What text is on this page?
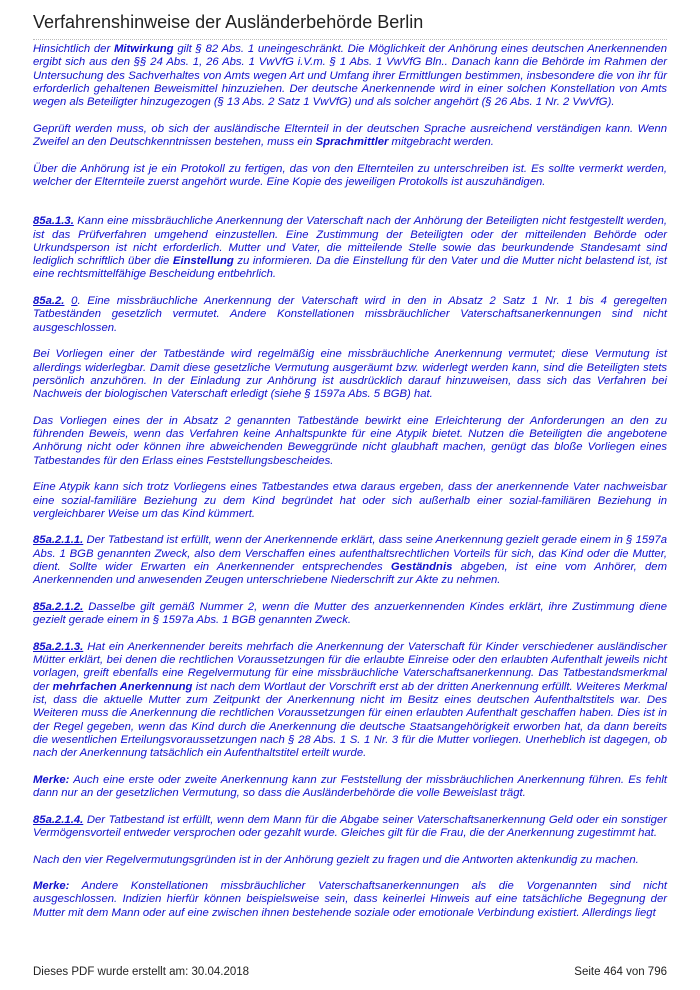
Verfahrenshinweise der Ausländerbehörde Berlin

Hinsichtlich der Mitwirkung gilt § 82 Abs. 1 uneingeschränkt. Die Möglichkeit der Anhörung eines deutschen Anerkennenden ergibt sich aus den §§ 24 Abs. 1, 26 Abs. 1 VwVfG i.V.m. § 1 Abs. 1 VwVfG Bln.. Danach kann die Behörde im Rahmen der Untersuchung des Sachverhaltes von Amts wegen Art und Umfang ihrer Ermittlungen bestimmen, insbesondere die von ihr für erforderlich gehaltenen Beweismittel hinzuziehen. Der deutsche Anerkennende wird in einer solchen Konstellation von Amts wegen als Beteiligter hinzugezogen (§ 13 Abs. 2 Satz 1 VwVfG) und als solcher angehört (§ 26 Abs. 1 Nr. 2 VwVfG).

Geprüft werden muss, ob sich der ausländische Elternteil in der deutschen Sprache ausreichend verständigen kann. Wenn Zweifel an den Deutschkenntnissen bestehen, muss ein Sprachmittler mitgebracht werden.

Über die Anhörung ist je ein Protokoll zu fertigen, das von den Elternteilen zu unterschreiben ist. Es sollte vermerkt werden, welcher der Elternteile zuerst angehört wurde. Eine Kopie des jeweiligen Protokolls ist auszuhändigen.

85a.1.3. Kann eine missbräuchliche Anerkennung der Vaterschaft nach der Anhörung der Beteiligten nicht festgestellt werden, ist das Prüfverfahren umgehend einzustellen. Eine Zustimmung der Beteiligten oder der mitteilenden Behörde oder Urkundsperson ist nicht erforderlich. Mutter und Vater, die mitteilende Stelle sowie das beurkundende Standesamt sind lediglich schriftlich über die Einstellung zu informieren. Da die Einstellung für den Vater und die Mutter nicht belastend ist, ist eine rechtsmittelfähige Bescheidung entbehrlich.

85a.2. 0. Eine missbräuchliche Anerkennung der Vaterschaft wird in den in Absatz 2 Satz 1 Nr. 1 bis 4 geregelten Tatbeständen gesetzlich vermutet. Andere Konstellationen missbräuchlicher Vaterschaftsanerkennungen sind nicht ausgeschlossen.

Bei Vorliegen einer der Tatbestände wird regelmäßig eine missbräuchliche Anerkennung vermutet; diese Vermutung ist allerdings widerlegbar. Damit diese gesetzliche Vermutung ausgeräumt bzw. widerlegt werden kann, sind die Beteiligten stets persönlich anzuhören. In der Einladung zur Anhörung ist ausdrücklich darauf hinzuweisen, dass sich das Verfahren bei Nachweis der biologischen Vaterschaft erledigt (siehe § 1597a Abs. 5 BGB) hat.

Das Vorliegen eines der in Absatz 2 genannten Tatbestände bewirkt eine Erleichterung der Anforderungen an den zu führenden Beweis, wenn das Verfahren keine Anhaltspunkte für eine Atypik bietet. Nutzen die Beteiligten die angebotene Anhörung nicht oder können ihre abweichenden Beweggründe nicht glaubhaft machen, genügt das bloße Vorliegen eines Tatbestandes für den Erlass eines Feststellungsbescheides.

Eine Atypik kann sich trotz Vorliegens eines Tatbestandes etwa daraus ergeben, dass der anerkennende Vater nachweisbar eine sozial-familiäre Beziehung zu dem Kind begründet hat oder sich außerhalb einer sozial-familiären Beziehung in vergleichbarer Weise um das Kind kümmert.

85a.2.1.1. Der Tatbestand ist erfüllt, wenn der Anerkennende erklärt, dass seine Anerkennung gezielt gerade einem in § 1597a Abs. 1 BGB genannten Zweck, also dem Verschaffen eines aufenthaltsrechtlichen Vorteils für sich, das Kind oder die Mutter, dient. Sollte wider Erwarten ein Anerkennender entsprechendes Geständnis abgeben, ist eine vom Anhörer, dem Anerkennenden und anwesenden Zeugen unterschriebene Niederschrift zur Akte zu nehmen.

85a.2.1.2. Dasselbe gilt gemäß Nummer 2, wenn die Mutter des anzuerkennenden Kindes erklärt, ihre Zustimmung diene gezielt gerade einem in § 1597a Abs. 1 BGB genannten Zweck.

85a.2.1.3. Hat ein Anerkennender bereits mehrfach die Anerkennung der Vaterschaft für Kinder verschiedener ausländischer Mütter erklärt, bei denen die rechtlichen Voraussetzungen für die erlaubte Einreise oder den erlaubten Aufenthalt jeweils nicht vorlagen, greift ebenfalls eine Regelvermutung für eine missbräuchliche Vaterschaftsanerkennung. Das Tatbestandsmerkmal der mehrfachen Anerkennung ist nach dem Wortlaut der Vorschrift erst ab der dritten Anerkennung erfüllt. Weiteres Merkmal ist, dass die aktuelle Mutter zum Zeitpunkt der Anerkennung nicht im Besitz eines deutschen Aufenthaltstitels war. Des Weiteren muss die Anerkennung die rechtlichen Voraussetzungen für einen erlaubten Aufenthalt geschaffen haben. Dies ist in der Regel gegeben, wenn das Kind durch die Anerkennung die deutsche Staatsangehörigkeit erworben hat, da dann bereits die wesentlichen Erteilungsvoraussetzungen nach § 28 Abs. 1 S. 1 Nr. 3 für die Mutter vorliegen. Unerheblich ist dagegen, ob nach der Anerkennung tatsächlich ein Aufenthaltstitel erteilt wurde.

Merke: Auch eine erste oder zweite Anerkennung kann zur Feststellung der missbräuchlichen Anerkennung führen. Es fehlt dann nur an der gesetzlichen Vermutung, so dass die Ausländerbehörde die volle Beweislast trägt.

85a.2.1.4. Der Tatbestand ist erfüllt, wenn dem Mann für die Abgabe seiner Vaterschaftsanerkennung Geld oder ein sonstiger Vermögensvorteil entweder versprochen oder gezahlt wurde. Gleiches gilt für die Frau, die der Anerkennung zugestimmt hat.

Nach den vier Regelvermutungsgründen ist in der Anhörung gezielt zu fragen und die Antworten aktenkundig zu machen.

Merke: Andere Konstellationen missbräuchlicher Vaterschaftsanerkennungen als die Vorgenannten sind nicht ausgeschlossen. Indizien hierfür können beispielsweise sein, dass keinerlei Hinweis auf eine tatsächliche Begegnung der Mutter mit dem Mann oder auf eine zwischen ihnen bestehende soziale oder emotionale Verbindung existiert. Allerdings liegt

Dieses PDF wurde erstellt am: 30.04.2018	Seite 464 von 796
